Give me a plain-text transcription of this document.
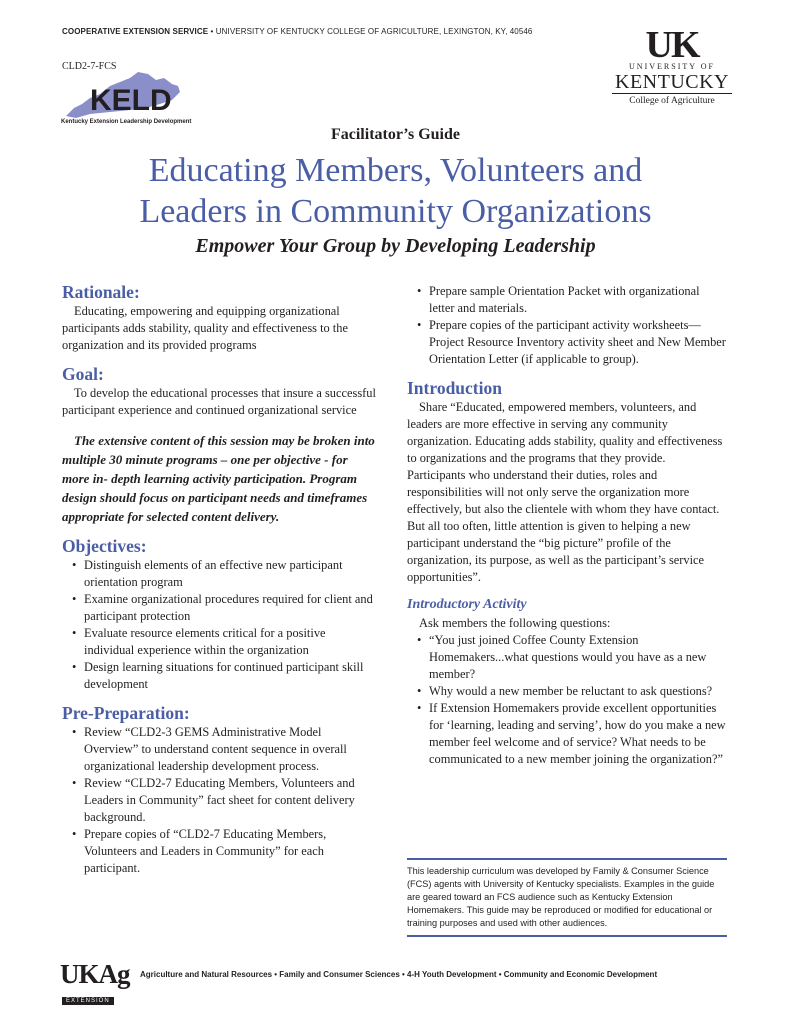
COOPERATIVE EXTENSION SERVICE • UNIVERSITY OF KENTUCKY COLLEGE OF AGRICULTURE, LEXINGTON, KY, 40546
CLD2-7-FCS
KELD
Kentucky Extension Leadership Development
UK
UNIVERSITY OF
KENTUCKY
College of Agriculture
Facilitator’s Guide
Educating Members, Volunteers and
Leaders in Community Organizations
Empower Your Group by Developing Leadership
Rationale:

Educating, empowering and equipping organizational participants adds stability, quality and effectiveness to the organization and its provided programs

Goal:

To develop the educational processes that insure a successful participant experience and continued organizational service

The extensive content of this session may be broken into multiple 30 minute programs – one per objective - for more in- depth learning activity participation. Program design should focus on participant needs and timeframes appropriate for selected content delivery.

Objectives:
• Distinguish elements of an effective new participant orientation program
• Examine organizational procedures required for client and participant protection
• Evaluate resource elements critical for a positive individual experience within the organization
• Design learning situations for continued participant skill development
Pre-Preparation:
• Review “CLD2-3 GEMS Administrative Model Overview” to understand content sequence in overall organizational leadership development process.
• Review “CLD2-7 Educating Members, Volunteers and Leaders in Community” fact sheet for content delivery background.
• Prepare copies of “CLD2-7 Educating Members, Volunteers and Leaders in Community” for each participant.
• Prepare sample Orientation Packet with organizational letter and materials.
• Prepare copies of the participant activity worksheets—Project Resource Inventory activity sheet and New Member Orientation Letter (if applicable to group).
Introduction

Share “Educated, empowered members, volunteers, and leaders are more effective in serving any community organization. Educating adds stability, quality and effectiveness to organizations and the programs that they provide. Participants who understand their duties, roles and responsibilities will not only serve the organization more effectively, but also the clientele with whom they have contact. But all too often, little attention is given to helping a new participant understand the “big picture” profile of the organization, its purpose, as well as the participant’s service opportunities”.

Introductory Activity

Ask members the following questions:

• “You just joined Coffee County Extension Homemakers...what questions would you have as a new member?
• Why would a new member be reluctant to ask questions?
• If Extension Homemakers provide excellent opportunities for ‘learning, leading and serving’, how do you make a new member feel welcome and of service? What needs to be communicated to a new member joining the organization?”
This leadership curriculum was developed by Family & Consumer Science (FCS) agents with University of Kentucky specialists. Examples in the guide are geared toward an FCS audience such as Kentucky Extension Homemakers. This guide may be reproduced or modified for educational or training purposes and used with other audiences.
UKAg
EXTENSION
Agriculture and Natural Resources • Family and Consumer Sciences • 4-H Youth Development • Community and Economic Development
